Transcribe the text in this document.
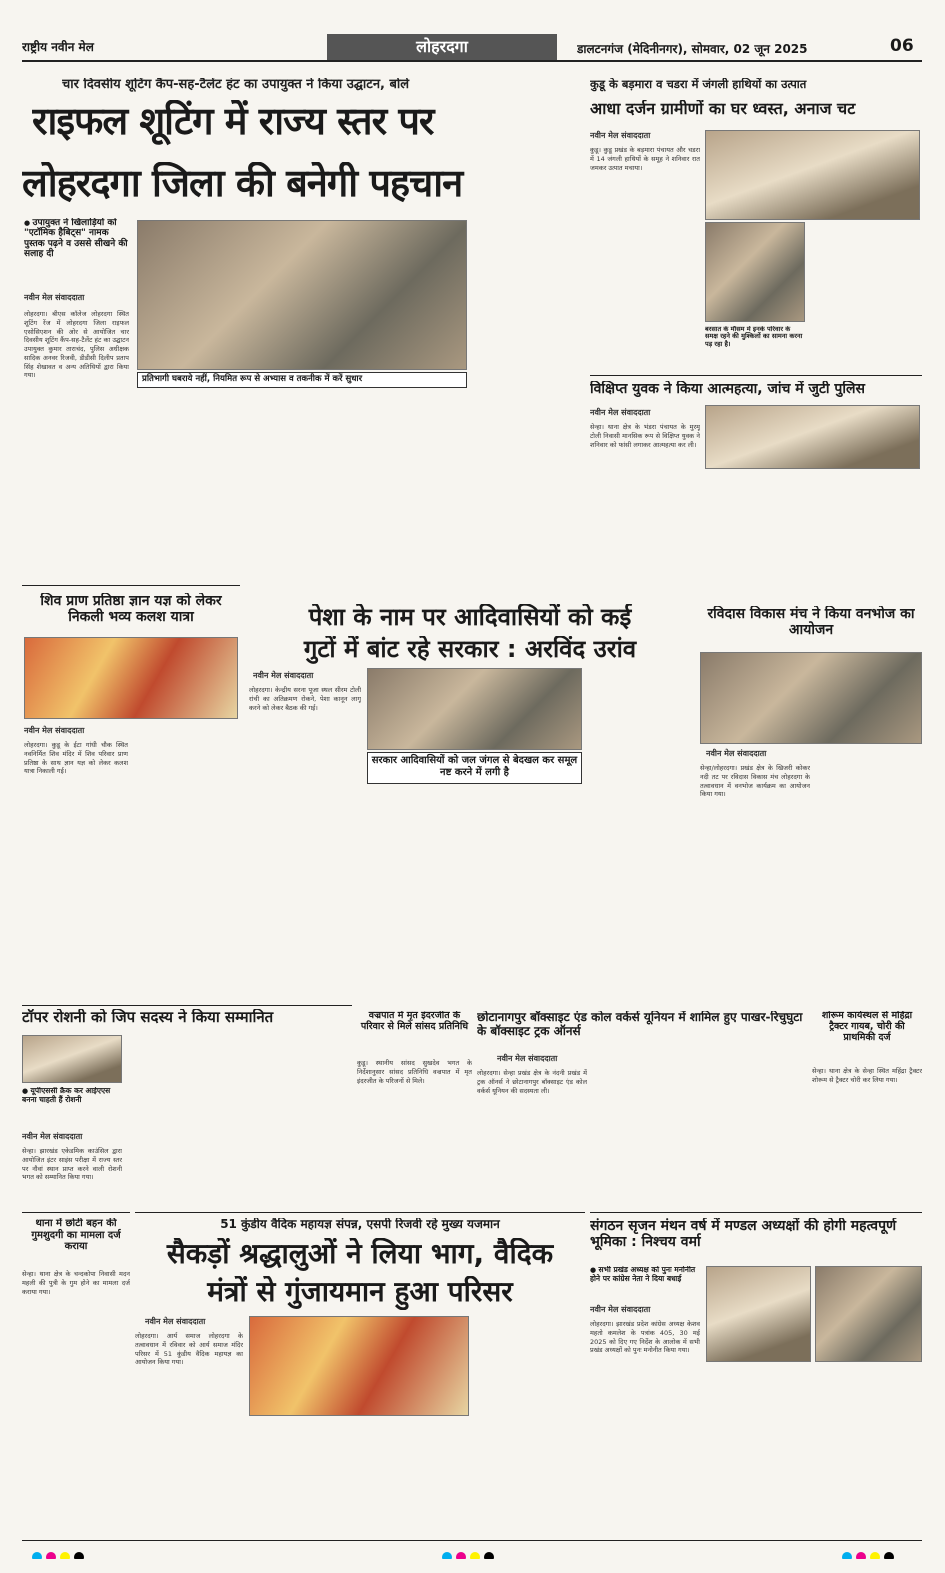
राष्ट्रीय नवीन मेल	लोहरदगा	डालटनगंज (मेदिनीनगर), सोमवार, 02 जून 2025	06
चार दिवसीय शूटिंग कैंप-सह-टैलेंट हंट का उपायुक्त ने किया उद्घाटन, बोले
राइफल शूटिंग में राज्य स्तर पर
लोहरदगा जिला की बनेगी पहचान
● उपायुक्त ने खिलाड़ियों को "एटॉमिक हैबिट्स" नामक पुस्तक पढ़ने व उससे सीखने की सलाह दी
नवीन मेल संवाददाता
लोहरदगा। बीएस कॉलेज लोहरदगा स्थित शूटिंग रेंज में लोहरदगा जिला राइफल एसोसिएशन की ओर से आयोजित चार दिवसीय शूटिंग कैंप-सह-टैलेंट हंट का उद्घाटन उपायुक्त कुमार ताराचंद, पुलिस अधीक्षक सादिक अनवर रिजवी, डीडीसी दिलीप प्रताप सिंह शेखावत व अन्य अतिथियों द्वारा किया गया।	प्रतिभागी घबराये नहीं, नियमित रूप से अभ्यास व तकनीक में करें सुधार
कुडू के बड़मारा व चडरा में जंगली हाथियों का उत्पात
आधा दर्जन ग्रामीणों का घर ध्वस्त, अनाज चट
नवीन मेल संवाददाता
कुडू। कुडू प्रखंड के बड़मारा पंचायत और चडरा में 14 जंगली हाथियों के समूह ने शनिवार रात जमकर उत्पात मचाया।
बरसात के मौसम में इनके परिवार के समक्ष रहने की मुश्किलों का सामना करना पड़ रहा है।
विक्षिप्त युवक ने किया आत्महत्या, जांच में जुटी पुलिस
नवीन मेल संवाददाता
सेन्हा। थाना क्षेत्र के भंडरा पंचायत के मुरमू टोली निवासी मानसिक रूप से विक्षिप्त युवक ने शनिवार को फांसी लगाकर आत्महत्या कर ली।
शिव प्राण प्रतिष्ठा ज्ञान यज्ञ को लेकर निकली भव्य कलश यात्रा
नवीन मेल संवाददाता
लोहरदगा। कुडू के ईटा गांधी चौक स्थित नवनिर्मित शिव मंदिर में शिव परिवार प्राण प्रतिष्ठा के साथ ज्ञान यज्ञ को लेकर कलश यात्रा निकाली गई।
पेशा के नाम पर आदिवासियों को कई
गुटों में बांट रहे सरकार : अरविंद उरांव
नवीन मेल संवाददाता
लोहरदगा। केन्द्रीय सरना पूजा स्थल सीरम टोली रांची का अतिक्रमण रोकने, पेशा कानून लागू करने को लेकर बैठक की गई।
सरकार आदिवासियों को जल जंगल से बेदखल कर समूल नष्ट करने में लगी है
रविदास विकास मंच ने किया वनभोज का आयोजन
नवीन मेल संवाददाता
सेन्हा/लोहरदगा। प्रखंड क्षेत्र के खिजरी कोकर नदी तट पर रविदास विकास मंच लोहरदगा के तत्वावधान में वनभोज कार्यक्रम का आयोजन किया गया।
टॉपर रोशनी को जिप सदस्य ने किया सम्मानित
● यूपीएससी क्रैक कर आईएएस बनना चाहती हैं रोशनी
नवीन मेल संवाददाता
सेन्हा। झारखंड एकेडमिक काउंसिल द्वारा आयोजित इंटर साइंस परीक्षा में राज्य स्तर पर नौवां स्थान प्राप्त करने वाली रोशनी भगत को सम्मानित किया गया।
वज्रपात में मृत इंदरजीत के परिवार से मिले सांसद प्रतिनिधि
कुडू। स्थानीय सांसद सुखदेव भगत के निर्देशानुसार सांसद प्रतिनिधि वज्रपात में मृत इंदरजीत के परिजनों से मिले।
छोटानागपुर बॉक्साइट एंड कोल वर्कर्स यूनियन में शामिल हुए पाखर-रिचुघुटा के बॉक्साइट ट्रक ऑनर्स
नवीन मेल संवाददाता
लोहरदगा। सेन्हा प्रखंड क्षेत्र के नंदनी प्रखंड में ट्रक ऑनर्स ने छोटानागपुर बॉक्साइट एंड कोल वर्कर्स यूनियन की सदस्यता ली।
शोरूम कार्यस्थल से महिंद्रा ट्रैक्टर गायब, चोरी की प्राथमिकी दर्ज
सेन्हा। थाना क्षेत्र के सेन्हा स्थित महिंद्रा ट्रैक्टर शोरूम से ट्रैक्टर चोरी कर लिया गया।
थाना में छोटी बहन की गुमशुदगी का मामला दर्ज कराया
सेन्हा। थाना क्षेत्र के चन्दकोपा निवासी मदन महली की पुत्री के गुम होने का मामला दर्ज कराया गया।
51 कुंडीय वैदिक महायज्ञ संपन्न, एसपी रिजवी रहे मुख्य यजमान
सैकड़ों श्रद्धालुओं ने लिया भाग, वैदिक
मंत्रों से गुंजायमान हुआ परिसर
नवीन मेल संवाददाता
लोहरदगा। आर्य समाज लोहरदगा के तत्वावधान में रविवार को आर्य समाज मंदिर परिसर में 51 कुंडीय वैदिक महायज्ञ का आयोजन किया गया।
संगठन सृजन मंथन वर्ष में मण्डल अध्यक्षों की होगी महत्वपूर्ण भूमिका : निश्चय वर्मा
● सभी प्रखंड अध्यक्ष को पुनः मनोनीत होने पर कांग्रेस नेता ने दिया बधाई
नवीन मेल संवाददाता
लोहरदगा। झारखंड प्रदेश कांग्रेस अध्यक्ष केशव महतो कमलेश के पत्रांक 405, 30 मई 2025 को दिए गए निर्देश के आलोक में सभी प्रखंड अध्यक्षों को पुनः मनोनीत किया गया।
